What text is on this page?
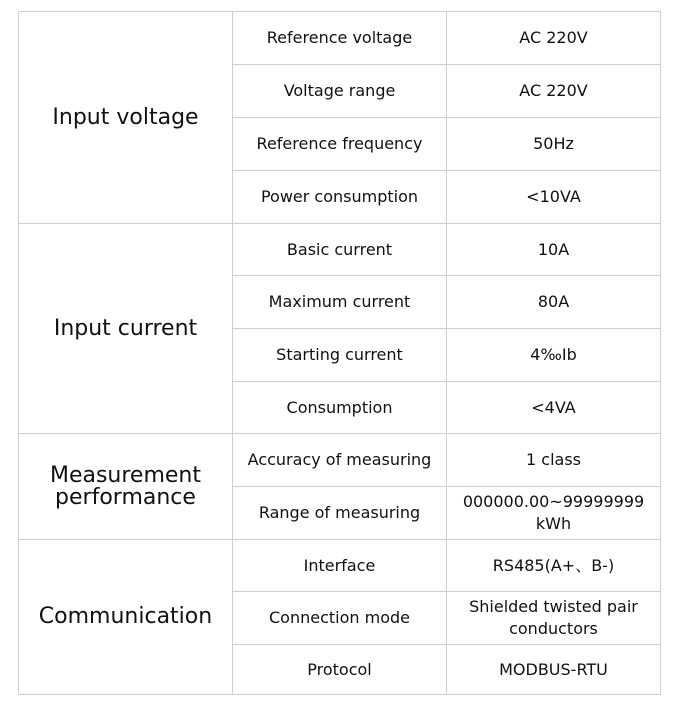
Input voltage	Reference voltage	AC 220V
	Voltage range	AC 220V
	Reference frequency	50Hz
	Power consumption	<10VA
Input current	Basic current	10A
	Maximum current	80A
	Starting current	4‰Ib
	Consumption	<4VA
Measurement performance	Accuracy of measuring	1 class
	Range of measuring	000000.00~99999999 kWh
Communication	Interface	RS485(A+、B-)
	Connection mode	Shielded twisted pair conductors
	Protocol	MODBUS-RTU
